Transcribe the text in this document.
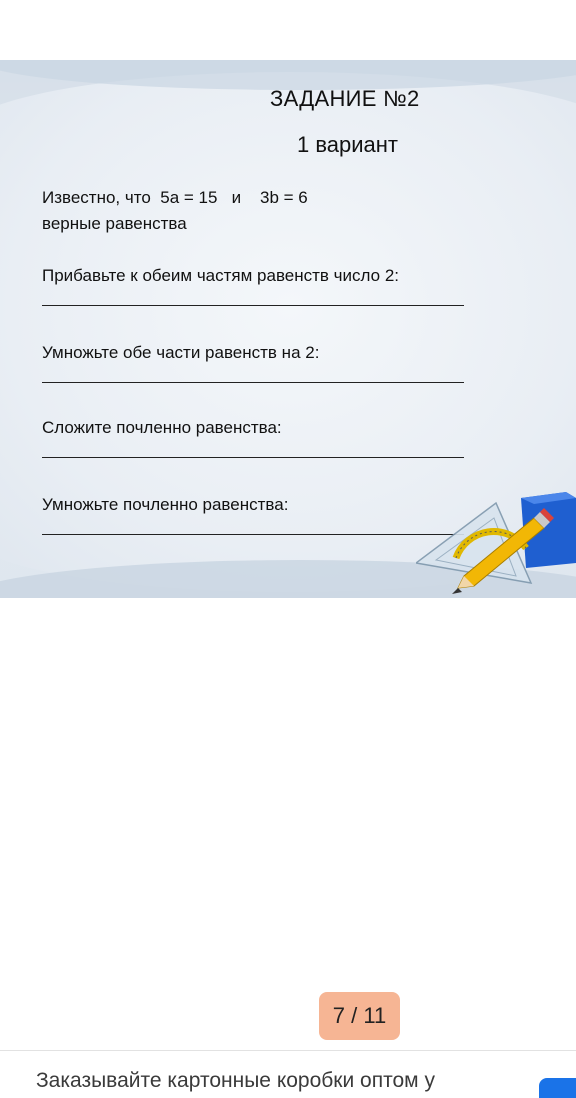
ЗАДАНИЕ №2
1 вариант
Известно, что  5a = 15   и    3b = 6
верные равенства
Прибавьте к обеим частям равенств число 2:
Умножьте обе части равенств на 2:
Сложите почленно равенства:
Умножьте почленно равенства:
7 / 11
Заказывайте картонные коробки оптом у
